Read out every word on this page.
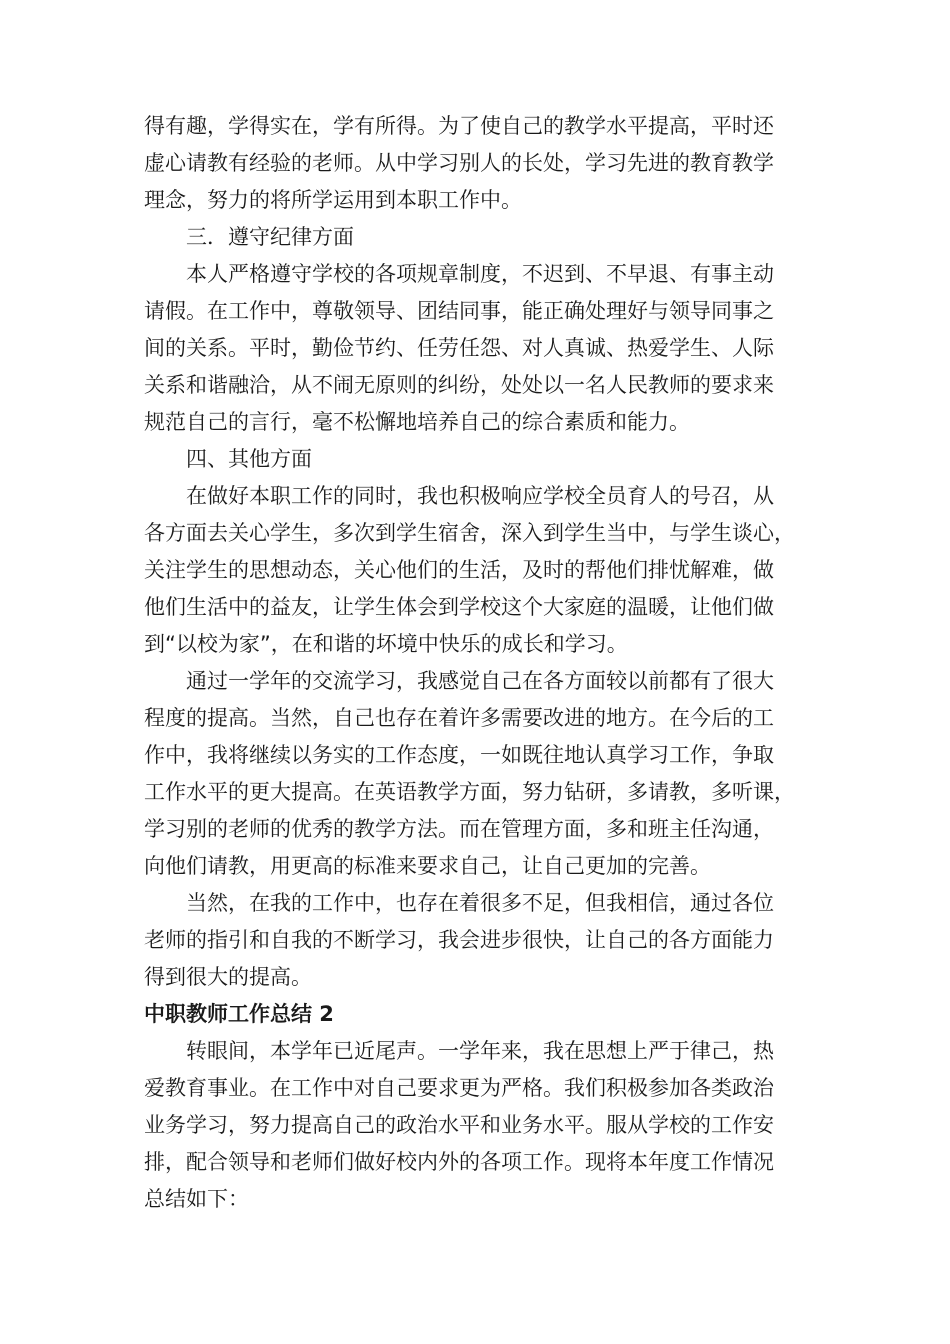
得有趣，学得实在，学有所得。为了使自己的教学水平提高，平时还
虚心请教有经验的老师。从中学习别人的长处，学习先进的教育教学
理念，努力的将所学运用到本职工作中。
三．遵守纪律方面
本人严格遵守学校的各项规章制度，不迟到、不早退、有事主动
请假。在工作中，尊敬领导、团结同事，能正确处理好与领导同事之
间的关系。平时，勤俭节约、任劳任怨、对人真诚、热爱学生、人际
关系和谐融洽，从不闹无原则的纠纷，处处以一名人民教师的要求来
规范自己的言行，毫不松懈地培养自己的综合素质和能力。
四、其他方面
在做好本职工作的同时，我也积极响应学校全员育人的号召，从
各方面去关心学生，多次到学生宿舍，深入到学生当中，与学生谈心，
关注学生的思想动态，关心他们的生活，及时的帮他们排忧解难，做
他们生活中的益友，让学生体会到学校这个大家庭的温暖，让他们做
到“以校为家”，在和谐的坏境中快乐的成长和学习。
通过一学年的交流学习，我感觉自己在各方面较以前都有了很大
程度的提高。当然，自己也存在着许多需要改进的地方。在今后的工
作中，我将继续以务实的工作态度，一如既往地认真学习工作，争取
工作水平的更大提高。在英语教学方面，努力钻研，多请教，多听课，
学习别的老师的优秀的教学方法。而在管理方面，多和班主任沟通，
向他们请教，用更高的标准来要求自己，让自己更加的完善。
当然，在我的工作中，也存在着很多不足，但我相信，通过各位
老师的指引和自我的不断学习，我会进步很快，让自己的各方面能力
得到很大的提高。
中职教师工作总结 2
转眼间，本学年已近尾声。一学年来，我在思想上严于律己，热
爱教育事业。在工作中对自己要求更为严格。我们积极参加各类政治
业务学习，努力提高自己的政治水平和业务水平。服从学校的工作安
排，配合领导和老师们做好校内外的各项工作。现将本年度工作情况
总结如下：
